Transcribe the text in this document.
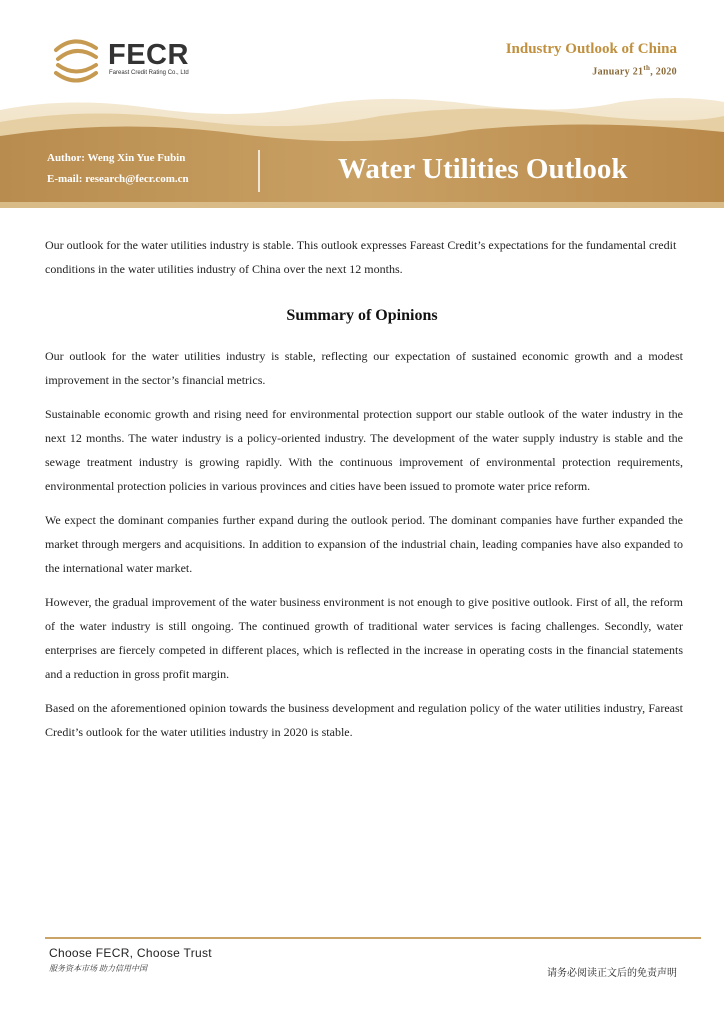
FECR
Fareast Credit Rating Co., Ltd
Industry Outlook of China
January 21th, 2020
Author: Weng Xin Yue Fubin
E-mail: research@fecr.com.cn	Water Utilities Outlook
Our outlook for the water utilities industry is stable. This outlook expresses Fareast Credit’s expectations for the fundamental credit conditions in the water utilities industry of China over the next 12 months.
Summary of Opinions

Our outlook for the water utilities industry is stable, reflecting our expectation of sustained economic growth and a modest improvement in the sector’s financial metrics.

Sustainable economic growth and rising need for environmental protection support our stable outlook of the water industry in the next 12 months. The water industry is a policy-oriented industry. The development of the water supply industry is stable and the sewage treatment industry is growing rapidly. With the continuous improvement of environmental protection requirements, environmental protection policies in various provinces and cities have been issued to promote water price reform.

We expect the dominant companies further expand during the outlook period. The dominant companies have further expanded the market through mergers and acquisitions. In addition to expansion of the industrial chain, leading companies have also expanded to the international water market.

However, the gradual improvement of the water business environment is not enough to give positive outlook. First of all, the reform of the water industry is still ongoing. The continued growth of traditional water services is facing challenges. Secondly, water enterprises are fiercely competed in different places, which is reflected in the increase in operating costs in the financial statements and a reduction in gross profit margin.

Based on the aforementioned opinion towards the business development and regulation policy of the water utilities industry, Fareast Credit’s outlook for the water utilities industry in 2020 is stable.

Choose FECR, Choose Trust
服务资本市场 助力信用中国	请务必阅读正文后的免责声明
